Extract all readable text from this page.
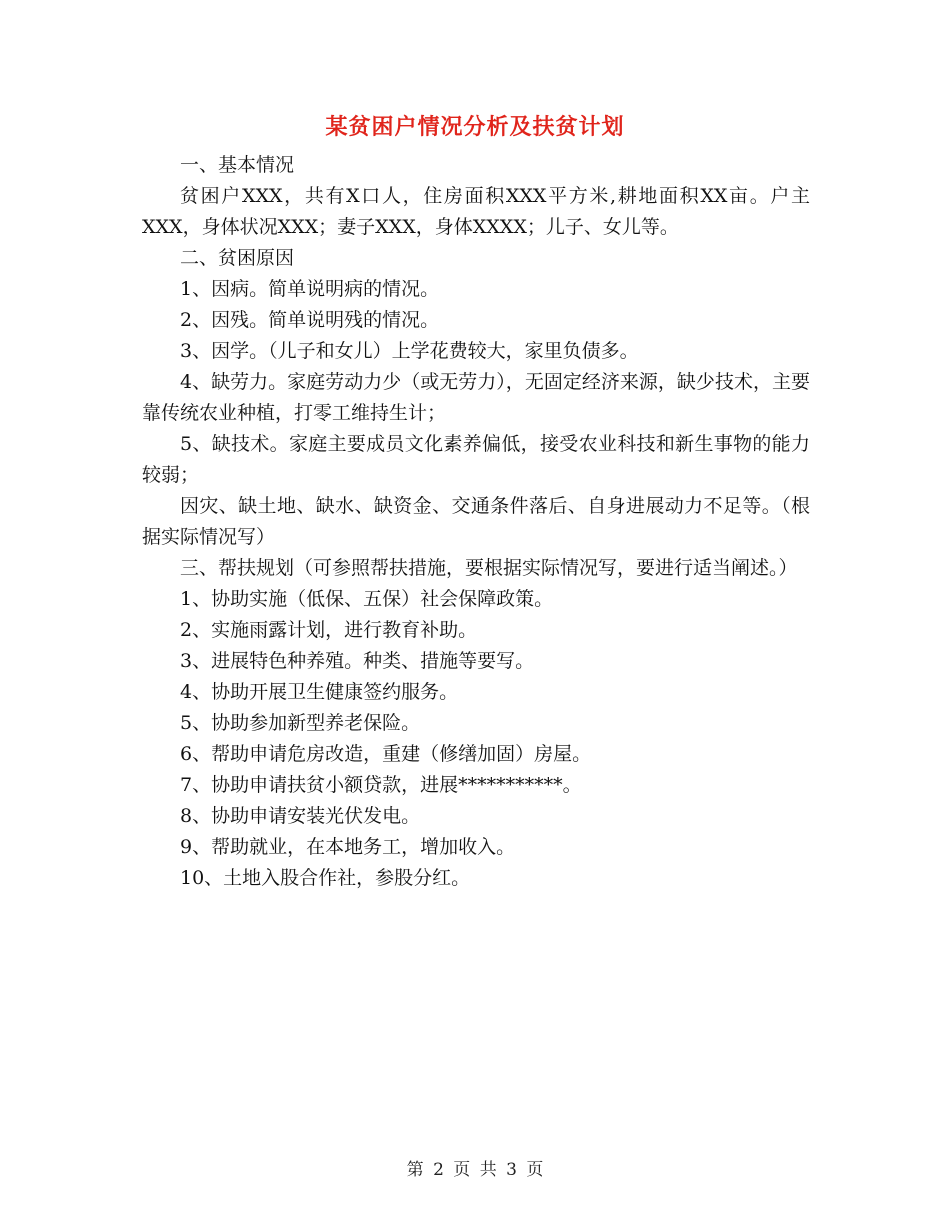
某贫困户情况分析及扶贫计划

一、基本情况

贫困户XXX，共有X口人，住房面积XXX平方米,耕地面积XX亩。户主XXX，身体状况XXX；妻子XXX，身体XXXX；儿子、女儿等。

二、贫困原因

1、因病。简单说明病的情况。

2、因残。简单说明残的情况。

3、因学。（儿子和女儿）上学花费较大，家里负债多。

4、缺劳力。家庭劳动力少（或无劳力），无固定经济来源，缺少技术，主要靠传统农业种植，打零工维持生计；

5、缺技术。家庭主要成员文化素养偏低，接受农业科技和新生事物的能力较弱；

因灾、缺土地、缺水、缺资金、交通条件落后、自身进展动力不足等。（根据实际情况写）

三、帮扶规划（可参照帮扶措施，要根据实际情况写，要进行适当阐述。）

1、协助实施（低保、五保）社会保障政策。

2、实施雨露计划，进行教育补助。

3、进展特色种养殖。种类、措施等要写。

4、协助开展卫生健康签约服务。

5、协助参加新型养老保险。

6、帮助申请危房改造，重建（修缮加固）房屋。

7、协助申请扶贫小额贷款，进展***********。

8、协助申请安装光伏发电。

9、帮助就业，在本地务工，增加收入。

10、土地入股合作社，参股分红。

第 2 页 共 3 页
